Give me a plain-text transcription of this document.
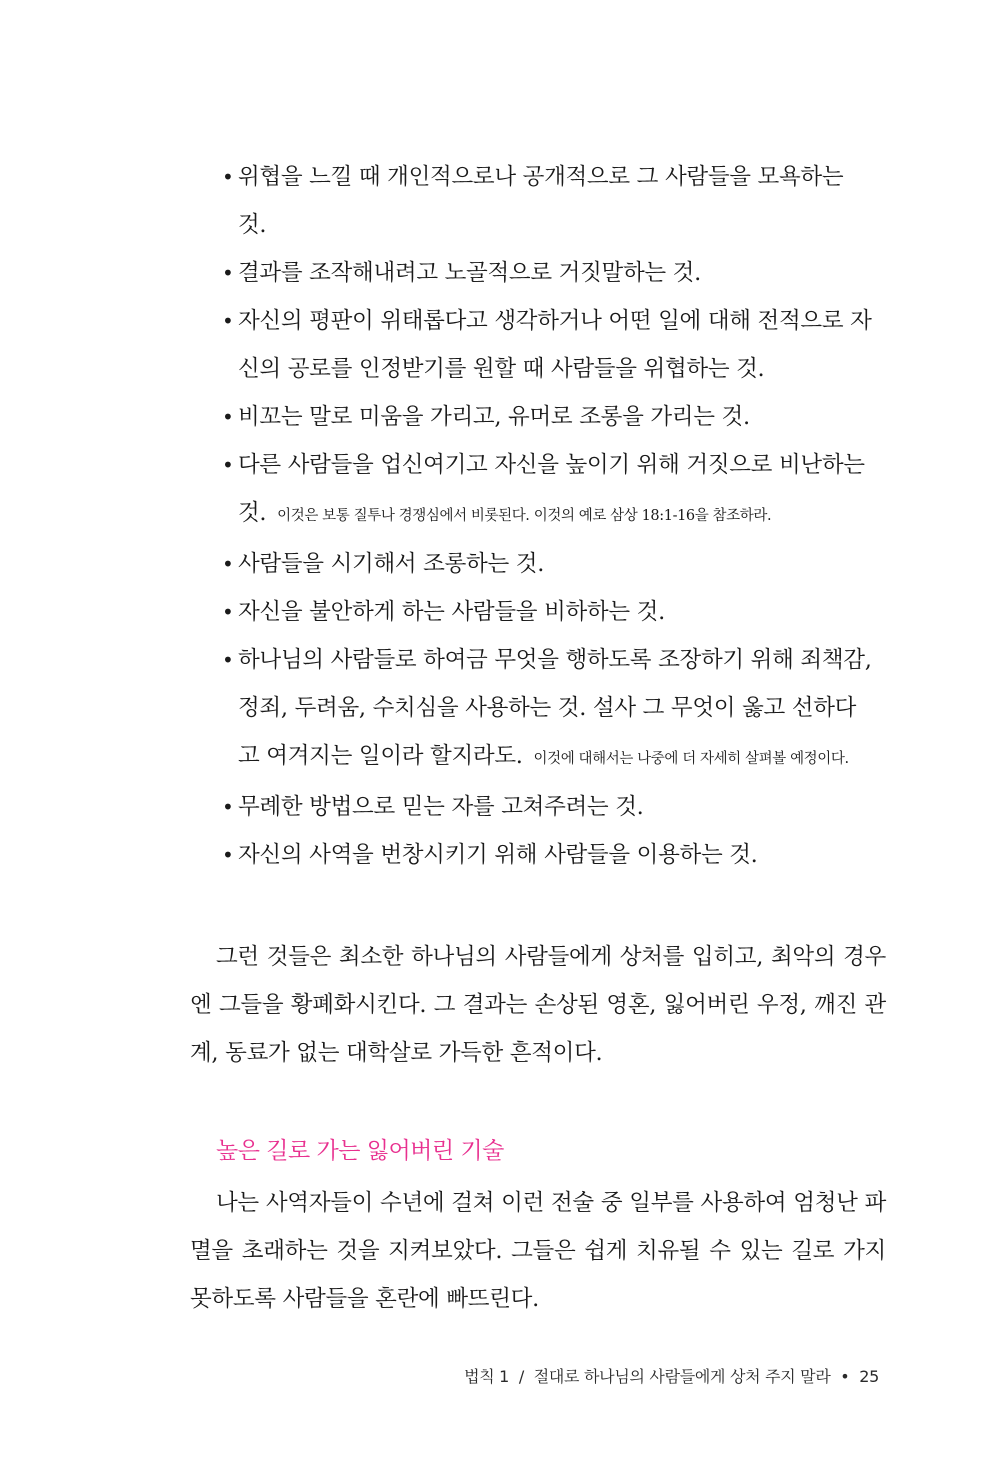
• 위협을 느낄 때 개인적으로나 공개적으로 그 사람들을 모욕하는 것.
• 결과를 조작해내려고 노골적으로 거짓말하는 것.
• 자신의 평판이 위태롭다고 생각하거나 어떤 일에 대해 전적으로 자신의 공로를 인정받기를 원할 때 사람들을 위협하는 것.
• 비꼬는 말로 미움을 가리고, 유머로 조롱을 가리는 것.
• 다른 사람들을 업신여기고 자신을 높이기 위해 거짓으로 비난하는 것. 이것은 보통 질투나 경쟁심에서 비롯된다. 이것의 예로 삼상 18:1-16을 참조하라.
• 사람들을 시기해서 조롱하는 것.
• 자신을 불안하게 하는 사람들을 비하하는 것.
• 하나님의 사람들로 하여금 무엇을 행하도록 조장하기 위해 죄책감, 정죄, 두려움, 수치심을 사용하는 것. 설사 그 무엇이 옳고 선하다고 여겨지는 일이라 할지라도. 이것에 대해서는 나중에 더 자세히 살펴볼 예정이다.
• 무례한 방법으로 믿는 자를 고쳐주려는 것.
• 자신의 사역을 번창시키기 위해 사람들을 이용하는 것.

그런 것들은 최소한 하나님의 사람들에게 상처를 입히고, 최악의 경우엔 그들을 황폐화시킨다. 그 결과는 손상된 영혼, 잃어버린 우정, 깨진 관계, 동료가 없는 대학살로 가득한 흔적이다.

높은 길로 가는 잃어버린 기술

나는 사역자들이 수년에 걸쳐 이런 전술 중 일부를 사용하여 엄청난 파멸을 초래하는 것을 지켜보았다. 그들은 쉽게 치유될 수 있는 길로 가지 못하도록 사람들을 혼란에 빠뜨린다.

법칙 1 / 절대로 하나님의 사람들에게 상처 주지 말라 • 25
